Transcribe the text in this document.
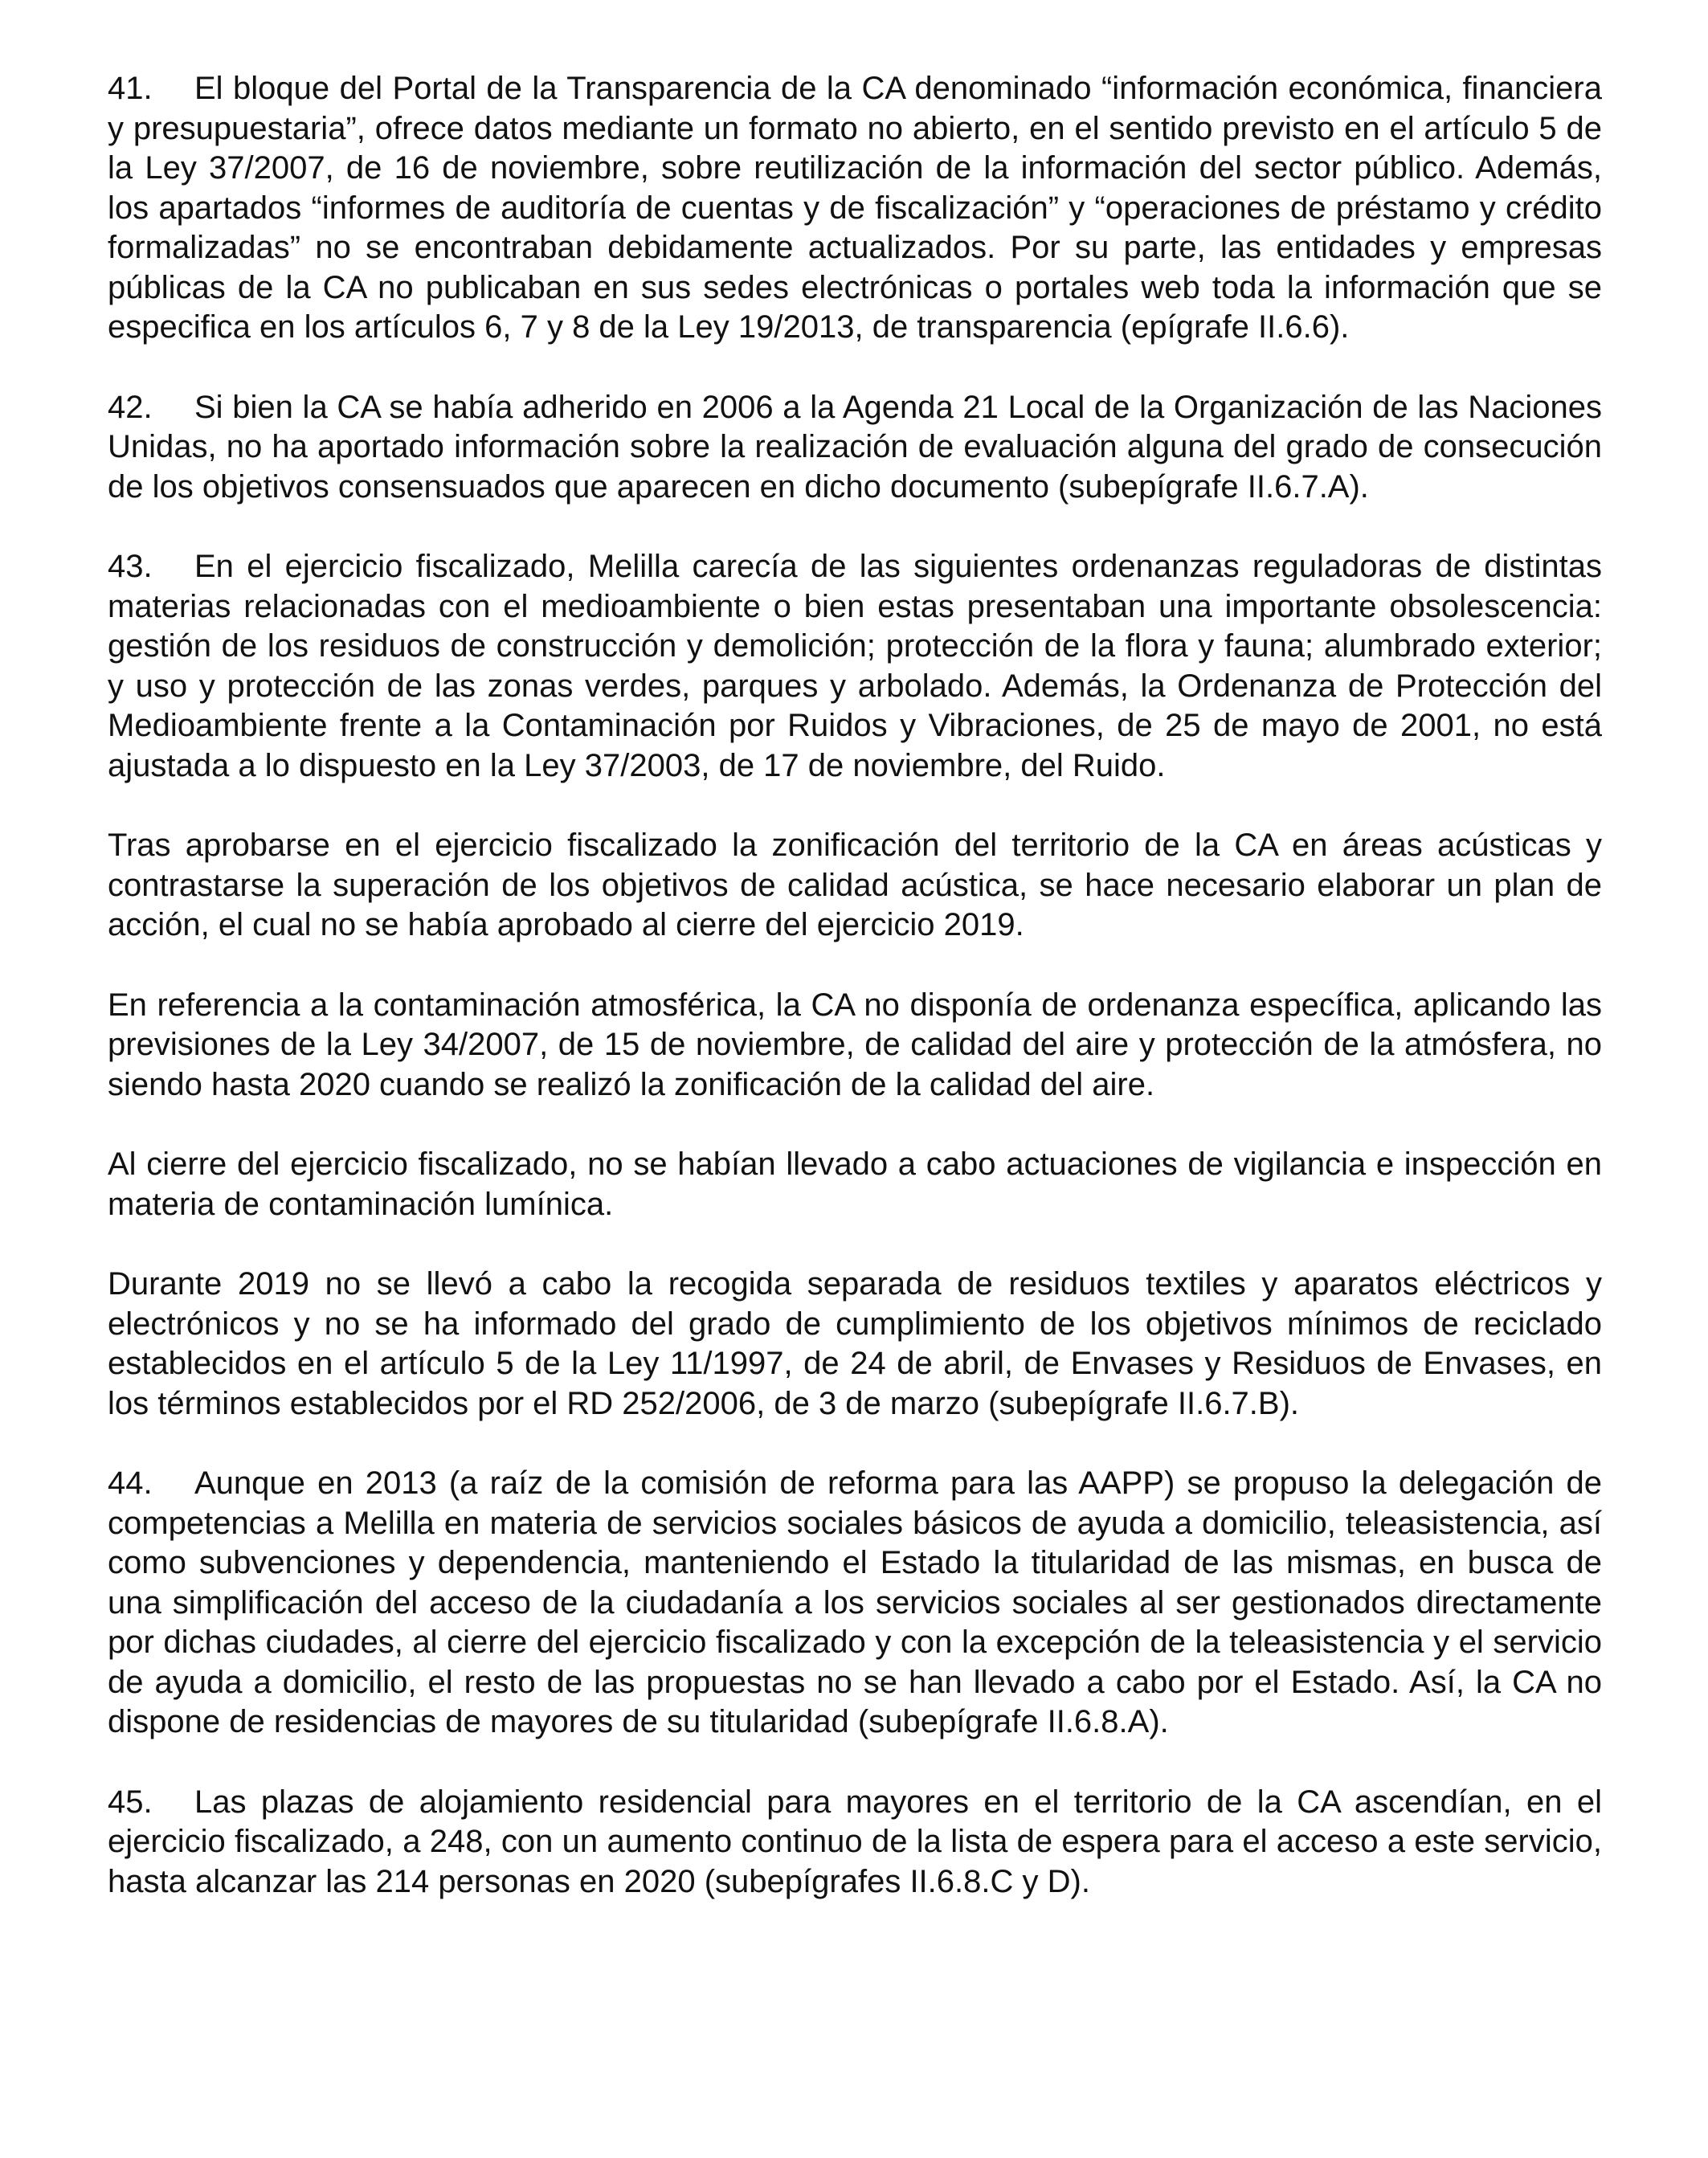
41. El bloque del Portal de la Transparencia de la CA denominado “información económica, financiera y presupuestaria”, ofrece datos mediante un formato no abierto, en el sentido previsto en el artículo 5 de la Ley 37/2007, de 16 de noviembre, sobre reutilización de la información del sector público. Además, los apartados “informes de auditoría de cuentas y de fiscalización” y “operaciones de préstamo y crédito formalizadas” no se encontraban debidamente actualizados. Por su parte, las entidades y empresas públicas de la CA no publicaban en sus sedes electrónicas o portales web toda la información que se especifica en los artículos 6, 7 y 8 de la Ley 19/2013, de transparencia (epígrafe II.6.6).

42. Si bien la CA se había adherido en 2006 a la Agenda 21 Local de la Organización de las Naciones Unidas, no ha aportado información sobre la realización de evaluación alguna del grado de consecución de los objetivos consensuados que aparecen en dicho documento (subepígrafe II.6.7.A).

43. En el ejercicio fiscalizado, Melilla carecía de las siguientes ordenanzas reguladoras de distintas materias relacionadas con el medioambiente o bien estas presentaban una importante obsolescencia: gestión de los residuos de construcción y demolición; protección de la flora y fauna; alumbrado exterior; y uso y protección de las zonas verdes, parques y arbolado. Además, la Ordenanza de Protección del Medioambiente frente a la Contaminación por Ruidos y Vibraciones, de 25 de mayo de 2001, no está ajustada a lo dispuesto en la Ley 37/2003, de 17 de noviembre, del Ruido.

Tras aprobarse en el ejercicio fiscalizado la zonificación del territorio de la CA en áreas acústicas y contrastarse la superación de los objetivos de calidad acústica, se hace necesario elaborar un plan de acción, el cual no se había aprobado al cierre del ejercicio 2019.

En referencia a la contaminación atmosférica, la CA no disponía de ordenanza específica, aplicando las previsiones de la Ley 34/2007, de 15 de noviembre, de calidad del aire y protección de la atmósfera, no siendo hasta 2020 cuando se realizó la zonificación de la calidad del aire.

Al cierre del ejercicio fiscalizado, no se habían llevado a cabo actuaciones de vigilancia e inspección en materia de contaminación lumínica.

Durante 2019 no se llevó a cabo la recogida separada de residuos textiles y aparatos eléctricos y electrónicos y no se ha informado del grado de cumplimiento de los objetivos mínimos de reciclado establecidos en el artículo 5 de la Ley 11/1997, de 24 de abril, de Envases y Residuos de Envases, en los términos establecidos por el RD 252/2006, de 3 de marzo (subepígrafe II.6.7.B).

44. Aunque en 2013 (a raíz de la comisión de reforma para las AAPP) se propuso la delegación de competencias a Melilla en materia de servicios sociales básicos de ayuda a domicilio, teleasistencia, así como subvenciones y dependencia, manteniendo el Estado la titularidad de las mismas, en busca de una simplificación del acceso de la ciudadanía a los servicios sociales al ser gestionados directamente por dichas ciudades, al cierre del ejercicio fiscalizado y con la excepción de la teleasistencia y el servicio de ayuda a domicilio, el resto de las propuestas no se han llevado a cabo por el Estado. Así, la CA no dispone de residencias de mayores de su titularidad (subepígrafe II.6.8.A).

45. Las plazas de alojamiento residencial para mayores en el territorio de la CA ascendían, en el ejercicio fiscalizado, a 248, con un aumento continuo de la lista de espera para el acceso a este servicio, hasta alcanzar las 214 personas en 2020 (subepígrafes II.6.8.C y D).
